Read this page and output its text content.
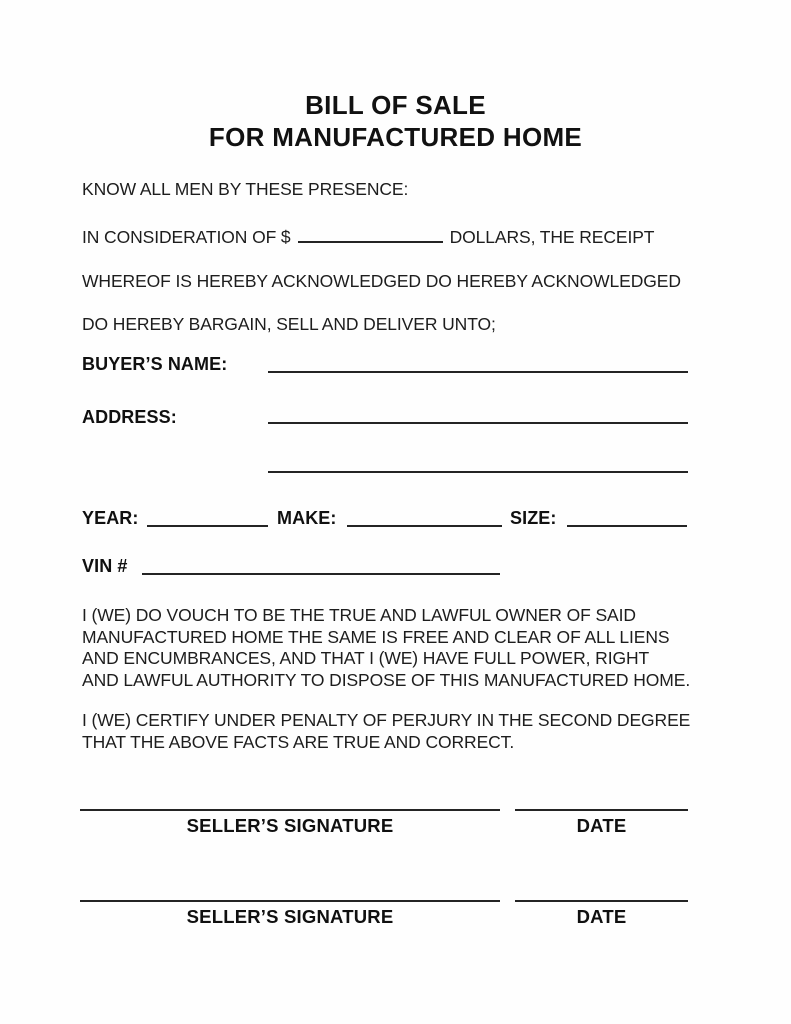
BILL OF SALE
FOR MANUFACTURED HOME
KNOW ALL MEN BY THESE PRESENCE:
IN CONSIDERATION OF $	DOLLARS, THE RECEIPT
WHEREOF IS HEREBY ACKNOWLEDGED DO HEREBY ACKNOWLEDGED
DO HEREBY BARGAIN, SELL AND DELIVER UNTO;
BUYER’S NAME:
ADDRESS:
YEAR:	MAKE:	SIZE:
VIN #
I (WE) DO VOUCH TO BE THE TRUE AND LAWFUL OWNER OF SAID
MANUFACTURED HOME THE SAME IS FREE AND CLEAR OF ALL LIENS
AND ENCUMBRANCES, AND THAT I (WE) HAVE FULL POWER, RIGHT
AND LAWFUL AUTHORITY TO DISPOSE OF THIS MANUFACTURED HOME.
I (WE) CERTIFY UNDER PENALTY OF PERJURY IN THE SECOND DEGREE
THAT THE ABOVE FACTS ARE TRUE AND CORRECT.
SELLER’S SIGNATURE	DATE
SELLER’S SIGNATURE	DATE
